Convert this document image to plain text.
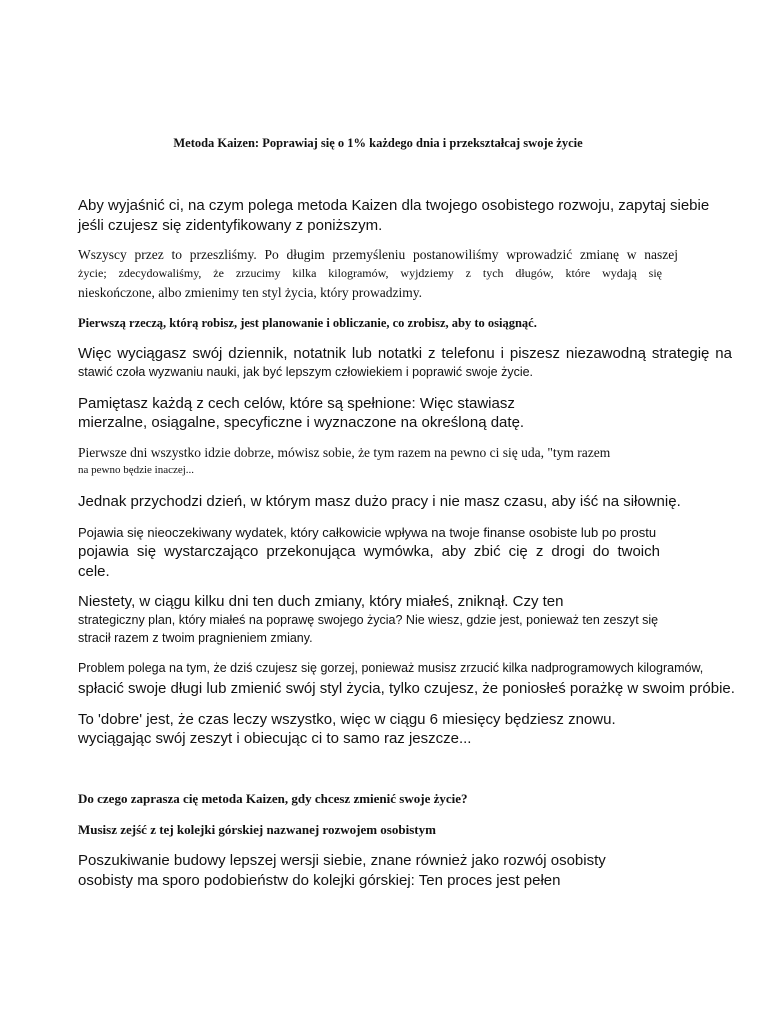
Metoda Kaizen: Poprawiaj się o 1% każdego dnia i przekształcaj swoje życie

Aby wyjaśnić ci, na czym polega metoda Kaizen dla twojego osobistego rozwoju, zapytaj siebie

jeśli czujesz się zidentyfikowany z poniższym.

Wszyscy przez to przeszliśmy. Po długim przemyśleniu postanowiliśmy wprowadzić zmianę w naszej

życie; zdecydowaliśmy, że zrzucimy kilka kilogramów, wyjdziemy z tych długów, które wydają się

nieskończone, albo zmienimy ten styl życia, który prowadzimy.

Pierwszą rzeczą, którą robisz, jest planowanie i obliczanie, co zrobisz, aby to osiągnąć.

Więc wyciągasz swój dziennik, notatnik lub notatki z telefonu i piszesz niezawodną strategię na

stawić czoła wyzwaniu nauki, jak być lepszym człowiekiem i poprawić swoje życie.

Pamiętasz każdą z cech celów, które są spełnione: Więc stawiasz

mierzalne, osiągalne, specyficzne i wyznaczone na określoną datę.

Pierwsze dni wszystko idzie dobrze, mówisz sobie, że tym razem na pewno ci się uda, "tym razem

na pewno będzie inaczej...

Jednak przychodzi dzień, w którym masz dużo pracy i nie masz czasu, aby iść na siłownię.

Pojawia się nieoczekiwany wydatek, który całkowicie wpływa na twoje finanse osobiste lub po prostu

pojawia się wystarczająco przekonująca wymówka, aby zbić cię z drogi do twoich

cele.

Niestety, w ciągu kilku dni ten duch zmiany, który miałeś, zniknął. Czy ten

strategiczny plan, który miałeś na poprawę swojego życia? Nie wiesz, gdzie jest, ponieważ ten zeszyt się

stracił razem z twoim pragnieniem zmiany.

Problem polega na tym, że dziś czujesz się gorzej, ponieważ musisz zrzucić kilka nadprogramowych kilogramów,

spłacić swoje długi lub zmienić swój styl życia, tylko czujesz, że poniosłeś porażkę w swoim próbie.

To 'dobre' jest, że czas leczy wszystko, więc w ciągu 6 miesięcy będziesz znowu.

wyciągając swój zeszyt i obiecując ci to samo raz jeszcze...

Do czego zaprasza cię metoda Kaizen, gdy chcesz zmienić swoje życie?

Musisz zejść z tej kolejki górskiej nazwanej rozwojem osobistym

Poszukiwanie budowy lepszej wersji siebie, znane również jako rozwój osobisty

osobisty ma sporo podobieństw do kolejki górskiej: Ten proces jest pełen
